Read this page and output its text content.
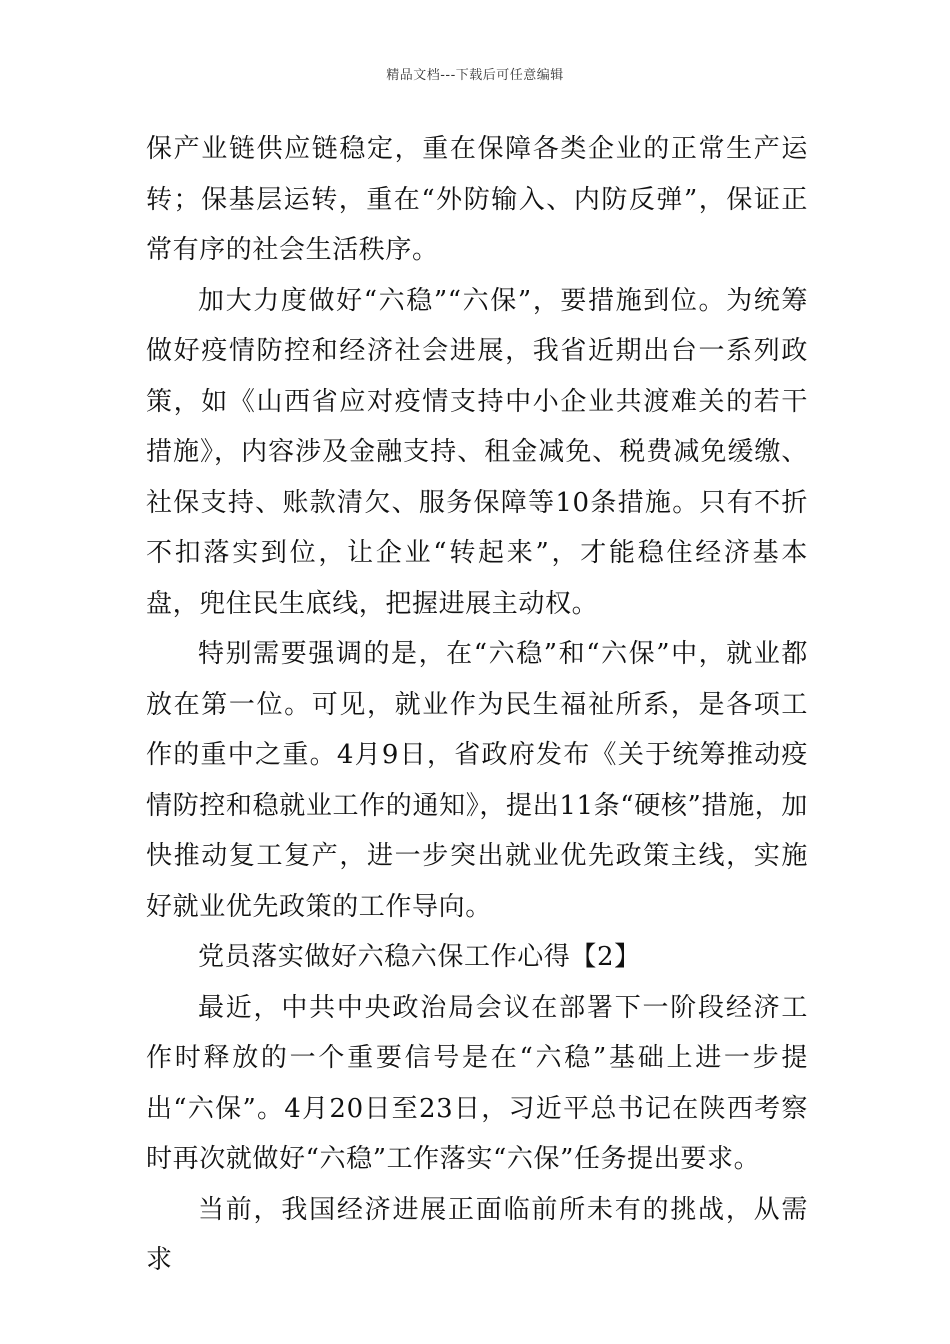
精品文档---下载后可任意编辑

保产业链供应链稳定，重在保障各类企业的正常生产运转；保基层运转，重在“外防输入、内防反弹”，保证正常有序的社会生活秩序。

加大力度做好“六稳”“六保”，要措施到位。为统筹做好疫情防控和经济社会进展，我省近期出台一系列政策，如《山西省应对疫情支持中小企业共渡难关的若干措施》，内容涉及金融支持、租金减免、税费减免缓缴、社保支持、账款清欠、服务保障等10条措施。只有不折不扣落实到位，让企业“转起来”，才能稳住经济基本盘，兜住民生底线，把握进展主动权。

特别需要强调的是，在“六稳”和“六保”中，就业都放在第一位。可见，就业作为民生福祉所系，是各项工作的重中之重。4月9日，省政府发布《关于统筹推动疫情防控和稳就业工作的通知》，提出11条“硬核”措施，加快推动复工复产，进一步突出就业优先政策主线，实施好就业优先政策的工作导向。

党员落实做好六稳六保工作心得【2】

最近，中共中央政治局会议在部署下一阶段经济工作时释放的一个重要信号是在“六稳”基础上进一步提出“六保”。4月20日至23日，习近平总书记在陕西考察时再次就做好“六稳”工作落实“六保”任务提出要求。

当前，我国经济进展正面临前所未有的挑战，从需求
